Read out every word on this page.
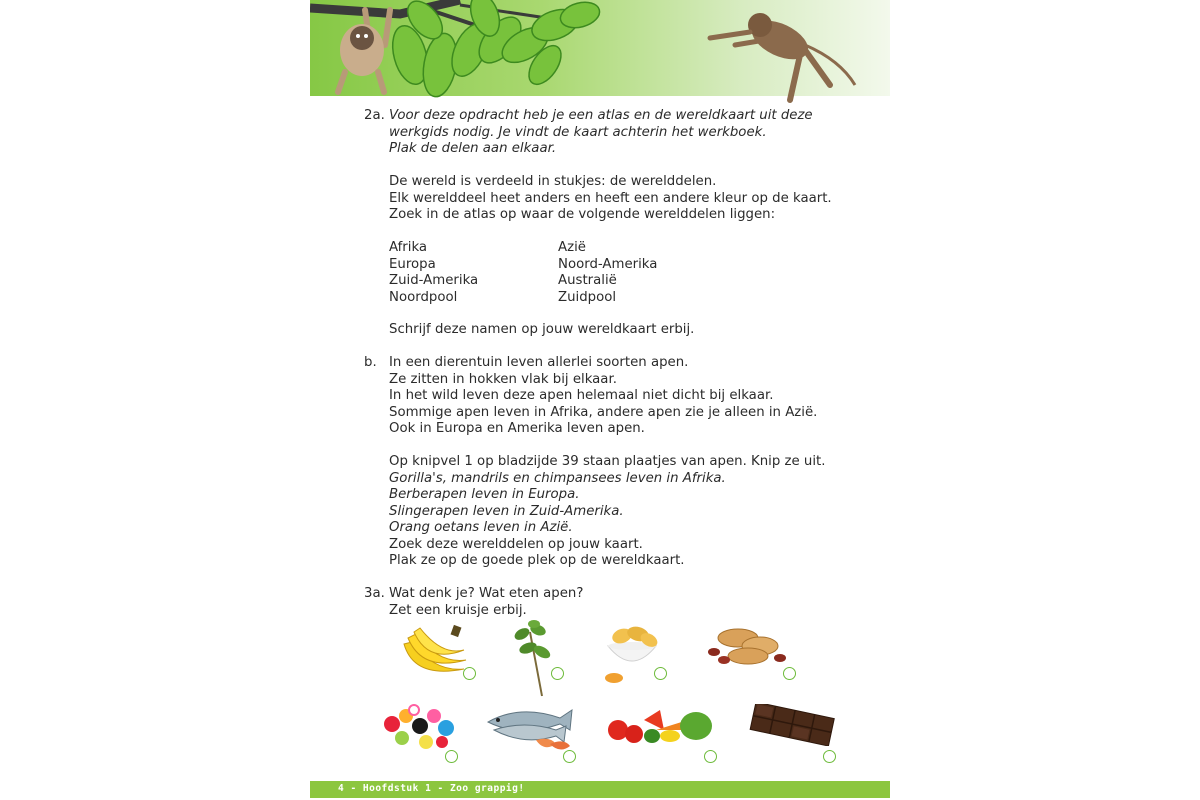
2a. Voor deze opdracht heb je een atlas en de wereldkaart uit deze
werkgids nodig. Je vindt de kaart achterin het werkboek.
Plak de delen aan elkaar.
De wereld is verdeeld in stukjes: de werelddelen.
Elk werelddeel heet anders en heeft een andere kleur op de kaart.
Zoek in de atlas op waar de volgende werelddelen liggen:
Afrika
Europa
Zuid-Amerika
Noordpool
Azië
Noord-Amerika
Australië
Zuidpool
Schrijf deze namen op jouw wereldkaart erbij.
b. In een dierentuin leven allerlei soorten apen.
Ze zitten in hokken vlak bij elkaar.
In het wild leven deze apen helemaal niet dicht bij elkaar.
Sommige apen leven in Afrika, andere apen zie je alleen in Azië.
Ook in Europa en Amerika leven apen.
Op knipvel 1 op bladzijde 39 staan plaatjes van apen. Knip ze uit.
Gorilla's, mandrils en chimpansees leven in Afrika.
Berberapen leven in Europa.
Slingerapen leven in Zuid-Amerika.
Orang oetans leven in Azië.
Zoek deze werelddelen op jouw kaart.
Plak ze op de goede plek op de wereldkaart.
3a. Wat denk je? Wat eten apen?
Zet een kruisje erbij.
4 - Hoofdstuk 1 - Zoo grappig!
